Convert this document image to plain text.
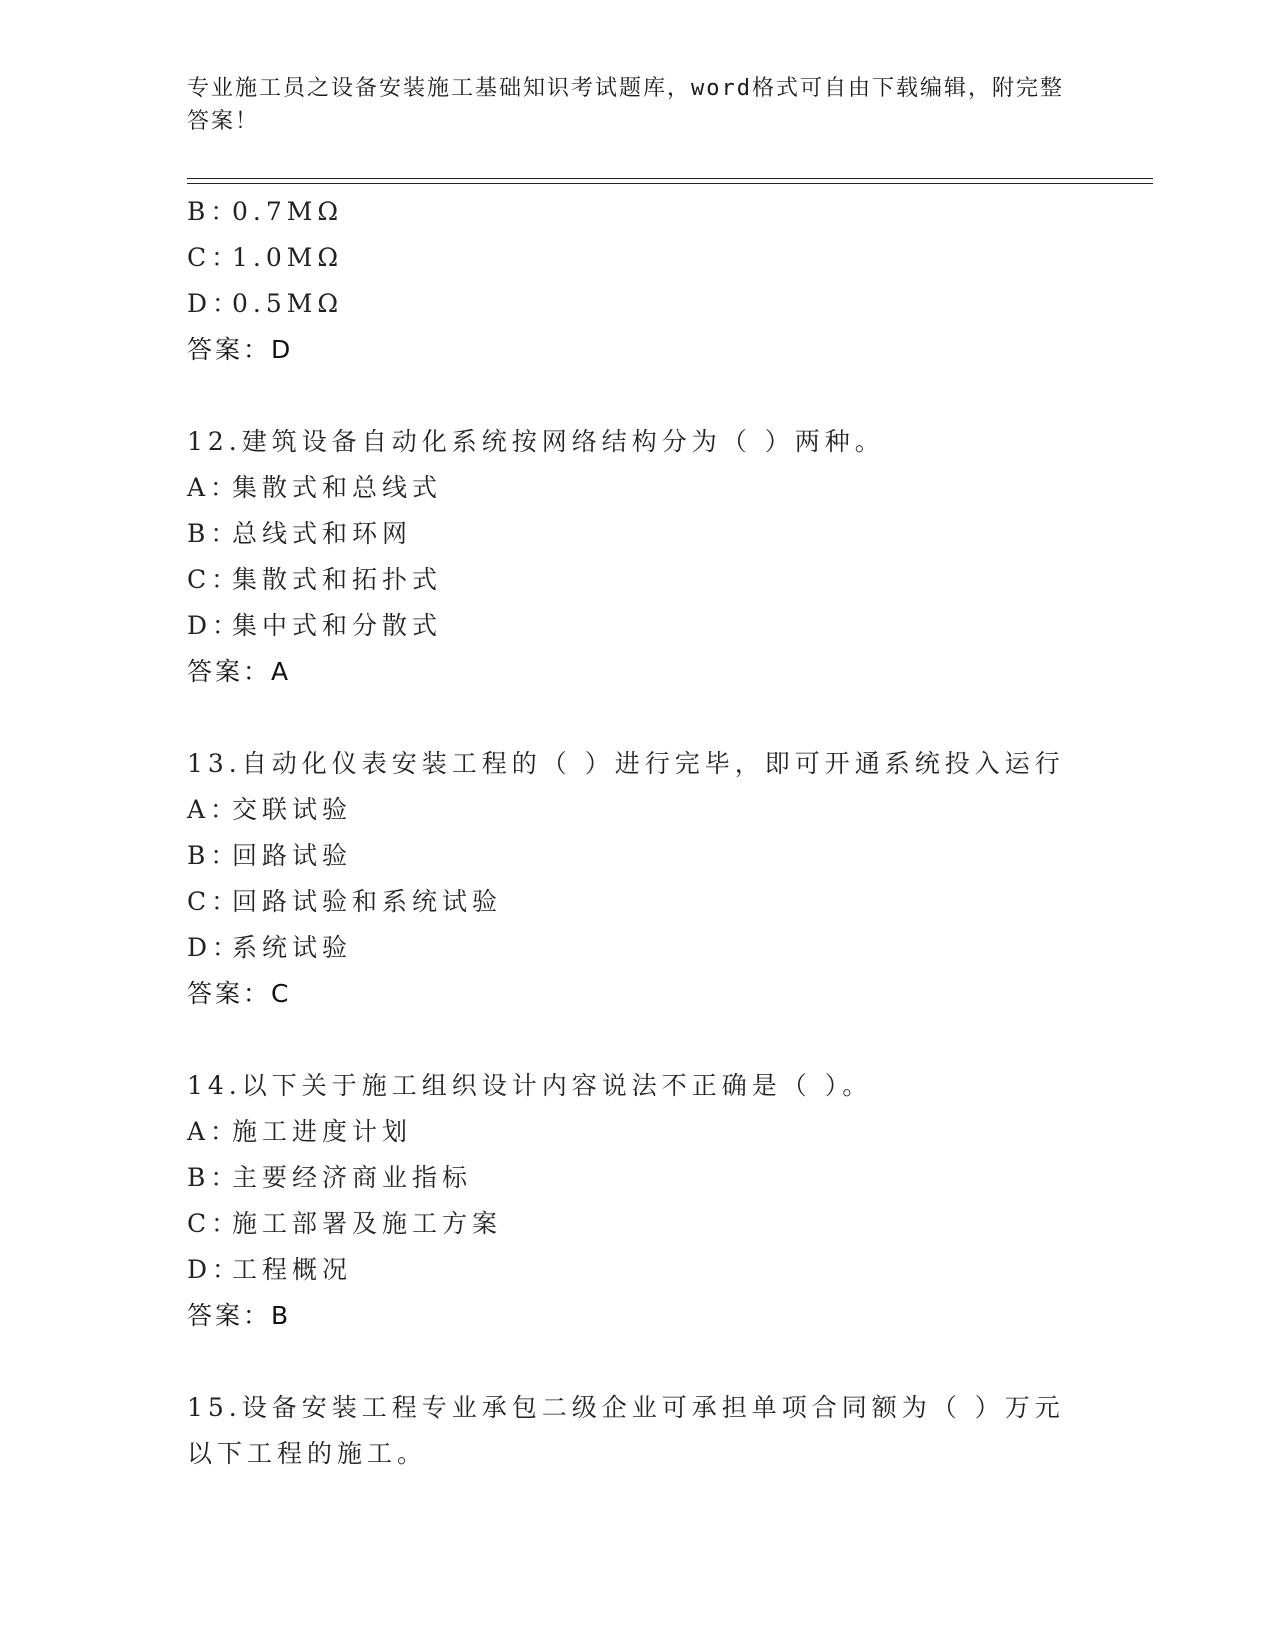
专业施工员之设备安装施工基础知识考试题库，word格式可自由下载编辑，附完整答案！
B：0.7MΩ
C：1.0MΩ
D：0.5MΩ
答案：D
12.建筑设备自动化系统按网络结构分为（ ）两种。
A：集散式和总线式
B：总线式和环网
C：集散式和拓扑式
D：集中式和分散式
答案：A
13.自动化仪表安装工程的（ ）进行完毕，即可开通系统投入运行
A：交联试验
B：回路试验
C：回路试验和系统试验
D：系统试验
答案：C
14.以下关于施工组织设计内容说法不正确是（ ）。
A：施工进度计划
B：主要经济商业指标
C：施工部署及施工方案
D：工程概况
答案：B
15.设备安装工程专业承包二级企业可承担单项合同额为（ ）万元以下工程的施工。
